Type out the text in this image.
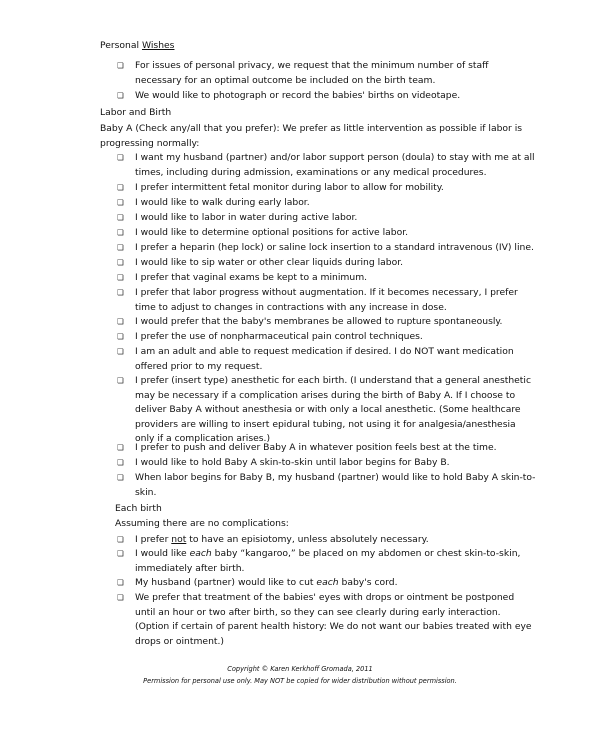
Personal Wishes
❏ For issues of personal privacy, we request that the minimum number of staff necessary for an optimal outcome be included on the birth team.
❏ We would like to photograph or record the babies' births on videotape.
Labor and Birth
Baby A (Check any/all that you prefer): We prefer as little intervention as possible if labor is progressing normally:
❏ I want my husband (partner) and/or labor support person (doula) to stay with me at all times, including during admission, examinations or any medical procedures.
❏ I prefer intermittent fetal monitor during labor to allow for mobility.
❏ I would like to walk during early labor.
❏ I would like to labor in water during active labor.
❏ I would like to determine optional positions for active labor.
❏ I prefer a heparin (hep lock) or saline lock insertion to a standard intravenous (IV) line.
❏ I would like to sip water or other clear liquids during labor.
❏ I prefer that vaginal exams be kept to a minimum.
❏ I prefer that labor progress without augmentation. If it becomes necessary, I prefer time to adjust to changes in contractions with any increase in dose.
❏ I would prefer that the baby's membranes be allowed to rupture spontaneously.
❏ I prefer the use of nonpharmaceutical pain control techniques.
❏ I am an adult and able to request medication if desired. I do NOT want medication offered prior to my request.
❏ I prefer (insert type) anesthetic for each birth. (I understand that a general anesthetic may be necessary if a complication arises during the birth of Baby A. If I choose to deliver Baby A without anesthesia or with only a local anesthetic. (Some healthcare providers are willing to insert epidural tubing, not using it for analgesia/anesthesia only if a complication arises.)
❏ I prefer to push and deliver Baby A in whatever position feels best at the time.
❏ I would like to hold Baby A skin-to-skin until labor begins for Baby B.
❏ When labor begins for Baby B, my husband (partner) would like to hold Baby A skin-to-skin.
Each birth
Assuming there are no complications:
❏ I prefer not to have an episiotomy, unless absolutely necessary.
❏ I would like each baby “kangaroo,” be placed on my abdomen or chest skin-to-skin, immediately after birth.
❏ My husband (partner) would like to cut each baby's cord.
❏ We prefer that treatment of the babies' eyes with drops or ointment be postponed until an hour or two after birth, so they can see clearly during early interaction. (Option if certain of parent health history: We do not want our babies treated with eye drops or ointment.)
Copyright © Karen Kerkhoff Gromada, 2011
Permission for personal use only. May NOT be copied for wider distribution without permission.
